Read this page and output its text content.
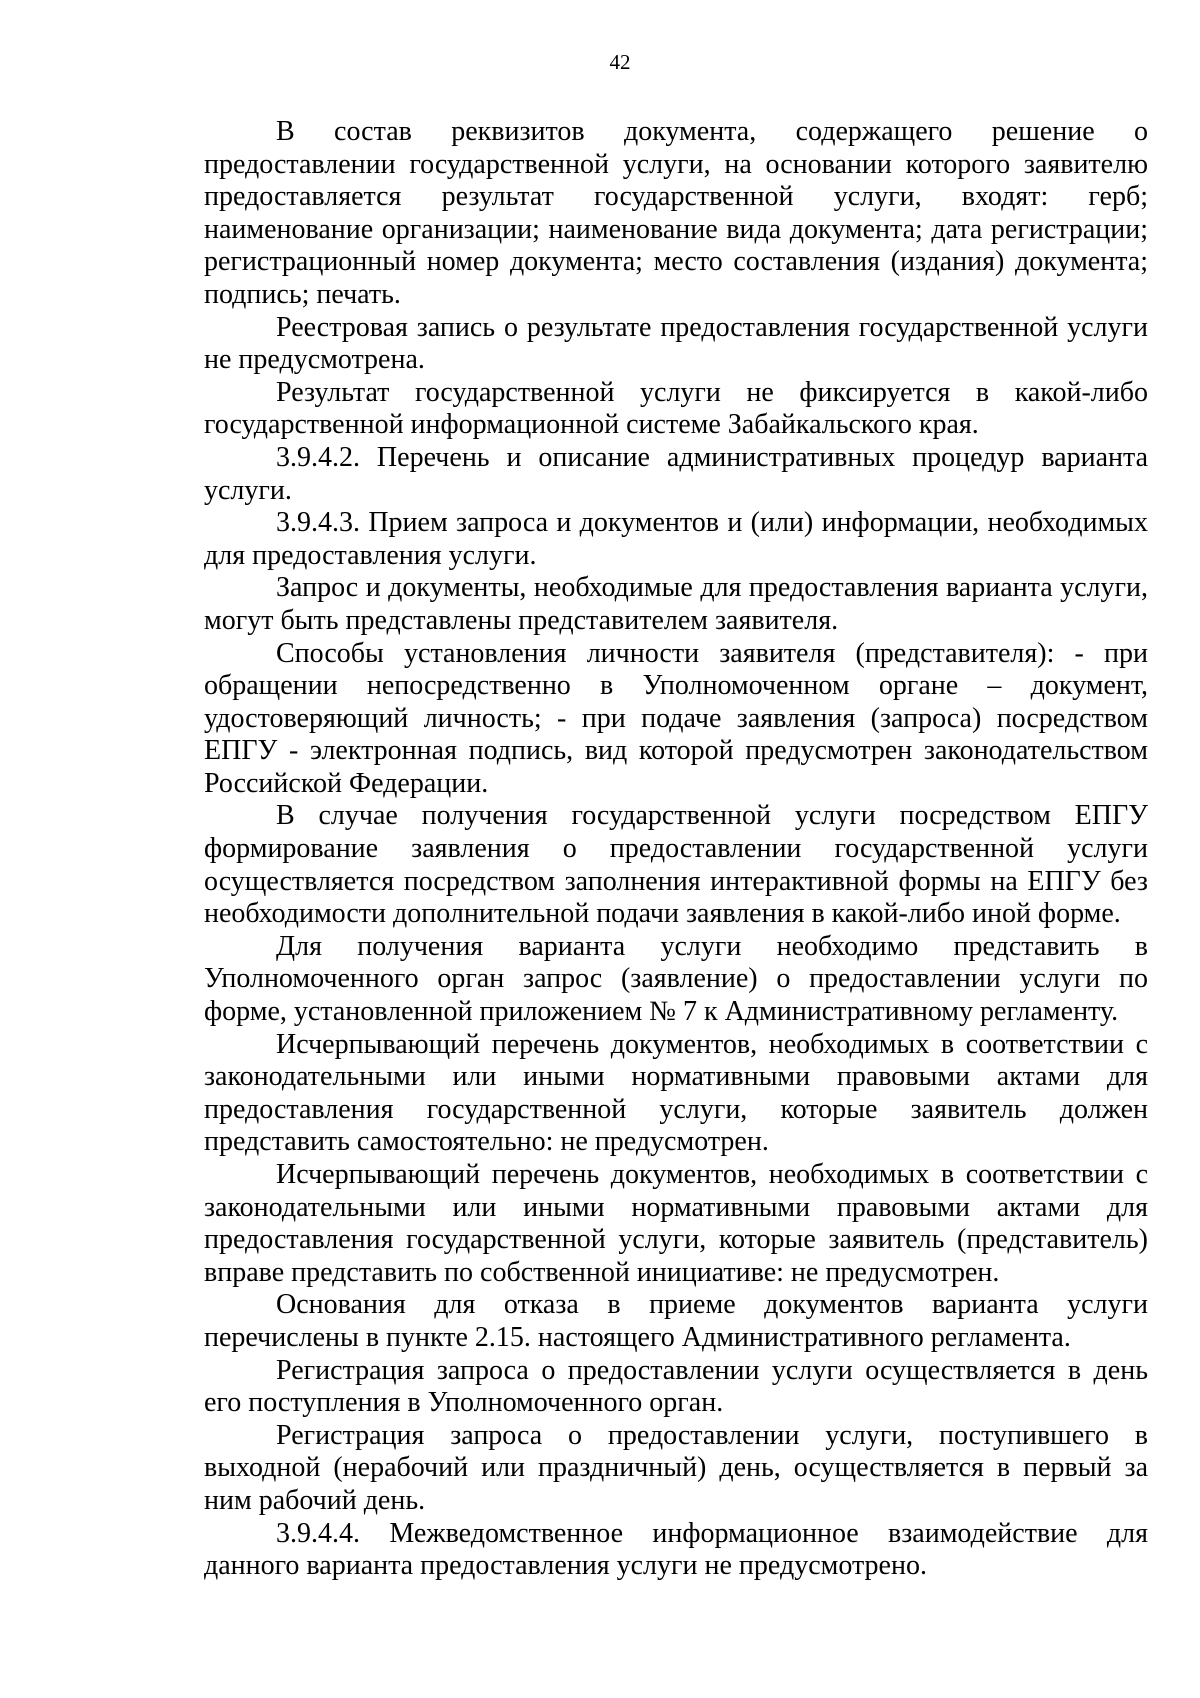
42

В состав реквизитов документа, содержащего решение о предоставлении государственной услуги, на основании которого заявителю предоставляется результат государственной услуги, входят: герб; наименование организации; наименование вида документа; дата регистрации; регистрационный номер документа; место составления (издания) документа; подпись; печать.

Реестровая запись о результате предоставления государственной услуги не предусмотрена.

Результат государственной услуги не фиксируется в какой-либо государственной информационной системе Забайкальского края.

3.9.4.2. Перечень и описание административных процедур варианта услуги.

3.9.4.3. Прием запроса и документов и (или) информации, необходимых для предоставления услуги.

Запрос и документы, необходимые для предоставления варианта услуги, могут быть представлены представителем заявителя.

Способы установления личности заявителя (представителя): - при обращении непосредственно в Уполномоченном органе – документ, удостоверяющий личность; - при подаче заявления (запроса) посредством ЕПГУ - электронная подпись, вид которой предусмотрен законодательством Российской Федерации.

В случае получения государственной услуги посредством ЕПГУ формирование заявления о предоставлении государственной услуги осуществляется посредством заполнения интерактивной формы на ЕПГУ без необходимости дополнительной подачи заявления в какой-либо иной форме.

Для получения варианта услуги необходимо представить в Уполномоченного орган запрос (заявление) о предоставлении услуги по форме, установленной приложением № 7 к Административному регламенту.

Исчерпывающий перечень документов, необходимых в соответствии с законодательными или иными нормативными правовыми актами для предоставления государственной услуги, которые заявитель должен представить самостоятельно: не предусмотрен.

Исчерпывающий перечень документов, необходимых в соответствии с законодательными или иными нормативными правовыми актами для предоставления государственной услуги, которые заявитель (представитель) вправе представить по собственной инициативе: не предусмотрен.

Основания для отказа в приеме документов варианта услуги перечислены в пункте 2.15. настоящего Административного регламента.

Регистрация запроса о предоставлении услуги осуществляется в день его поступления в Уполномоченного орган.

Регистрация запроса о предоставлении услуги, поступившего в выходной (нерабочий или праздничный) день, осуществляется в первый за ним рабочий день.

3.9.4.4. Межведомственное информационное взаимодействие для данного варианта предоставления услуги не предусмотрено.
